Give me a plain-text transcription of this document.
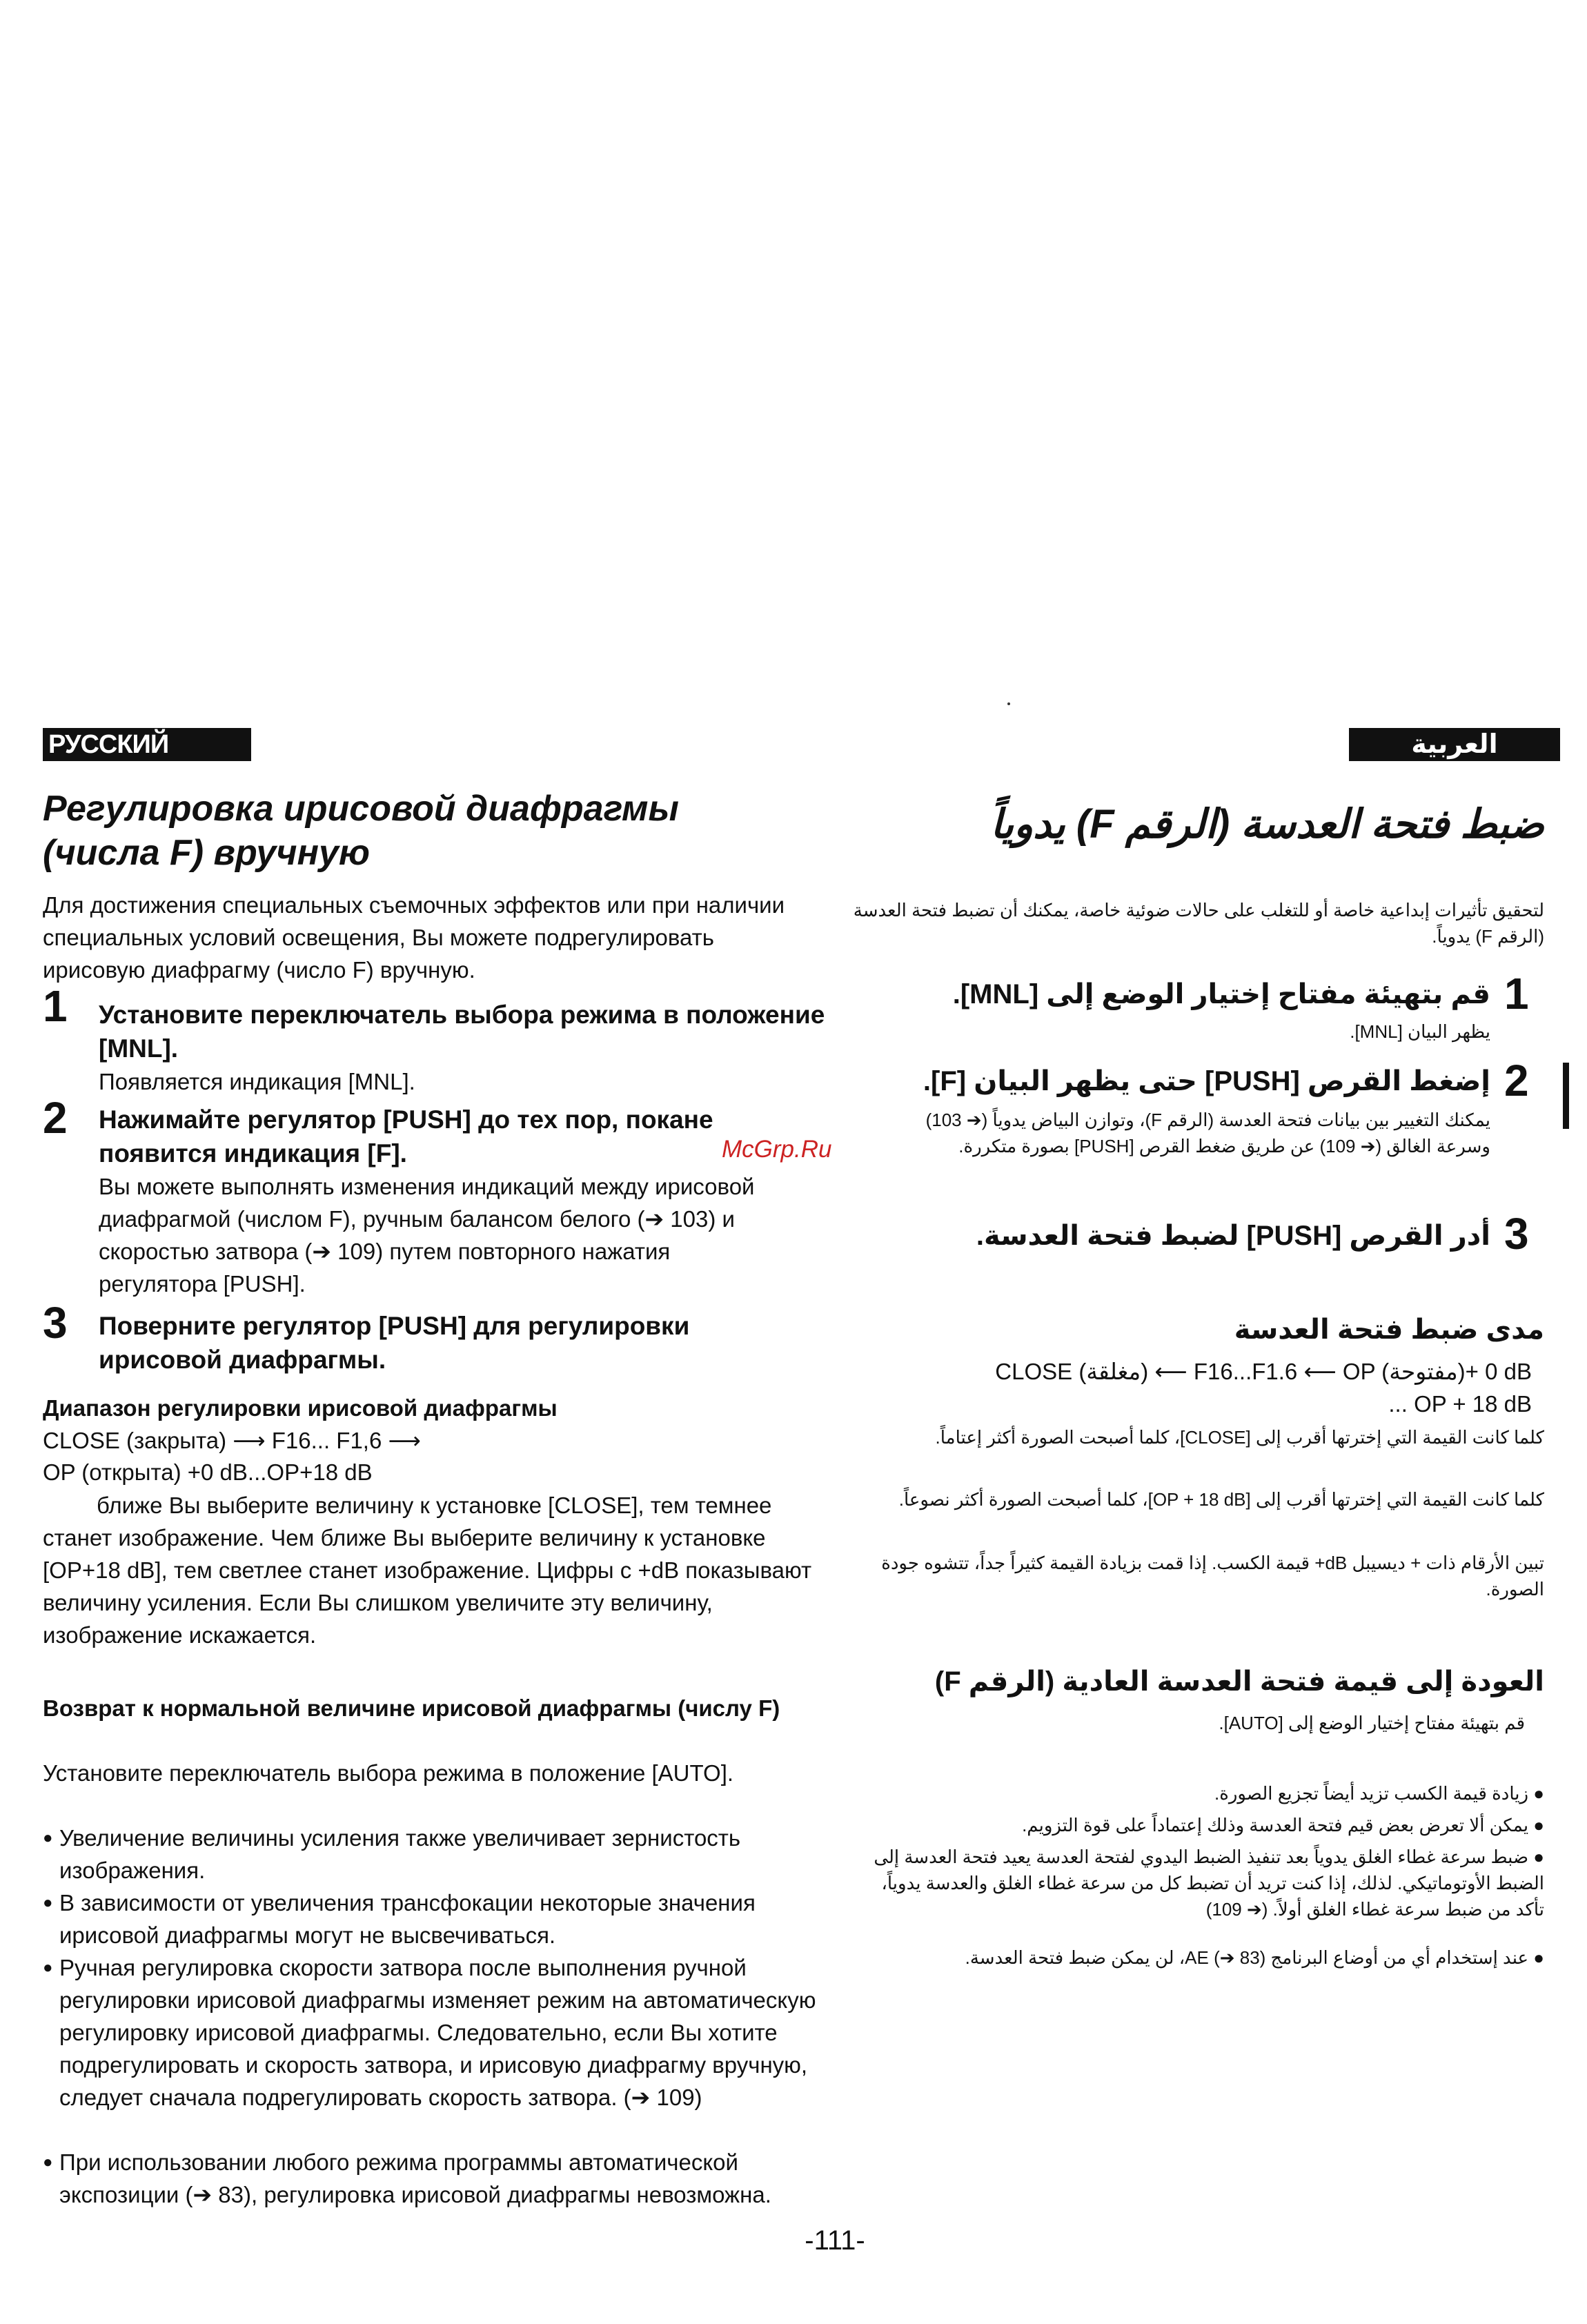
РУССКИЙ ЯЗЫК
Регулировка ирисовой диафрагмы
(числа F) вручную
Для достижения специальных съемочных эффектов или при наличии специальных условий освещения, Вы можете подрегулировать ирисовую диафрагму (число F) вручную.
1 Установите переключатель выбора режима в положение [MNL].
Появляется индикация [MNL].
2 Нажимайте регулятор [PUSH] до тех пор, покане появится индикация [F].
Вы можете выполнять изменения индикаций между ирисовой диафрагмой (числом F), ручным балансом белого (➔ 103) и скоростью затвора (➔ 109) путем повторного нажатия регулятора [PUSH].
3 Поверните регулятор [PUSH] для регулировки ирисовой диафрагмы.
Диапазон регулировки ирисовой диафрагмы
CLOSE (закрыта) ⟶ F16... F1,6 ⟶
OP (открыта) +0 dB...OP+18 dB
ближе Вы выберите величину к установке [CLOSE], тем темнее станет изображение. Чем ближе Вы выберите величину к установке [OP+18 dB], тем светлее станет изображение. Цифры с +dB показывают величину усиления. Если Вы слишком увеличите эту величину, изображение искажается.
Возврат к нормальной величине ирисовой диафрагмы (числу F)
Установите переключатель выбора режима в положение [AUTO].
● Увеличение величины усиления также увеличивает зернистость изображения.
● В зависимости от увеличения трансфокации некоторые значения ирисовой диафрагмы могут не высвечиваться.
● Ручная регулировка скорости затвора после выполнения ручной регулировки ирисовой диафрагмы изменяет режим на автоматическую регулировку ирисовой диафрагмы. Следовательно, если Вы хотите подрегулировать и скорость затвора, и ирисовую диафрагму вручную, следует сначала подрегулировать скорость затвора. (➔ 109)
● При использовании любого режима программы автоматической экспозиции (➔ 83), регулировка ирисовой диафрагмы невозможна.
McGrp.Ru
العربية
ضبط فتحة العدسة (الرقم F) يدوياً
لتحقيق تأثيرات إبداعية خاصة أو للتغلب على حالات ضوئية خاصة، يمكنك أن تضبط فتحة العدسة (الرقم F) يدوياً.
1
قم بتهيئة مفتاح إختيار الوضع إلى [MNL].
يظهر البيان [MNL].
2
إضغط القرص [PUSH] حتى يظهر البيان [F].
يمكنك التغيير بين بيانات فتحة العدسة (الرقم F)، وتوازن البياض يدوياً (➔ 103) وسرعة الغالق (➔ 109) عن طريق ضغط القرص [PUSH] بصورة متكررة.
3
أدر القرص [PUSH] لضبط فتحة العدسة.
مدى ضبط فتحة العدسة
CLOSE (مغلقة) ⟵ F16...F1.6 ⟵ OP (مفتوحة)+ 0 dB
... OP + 18 dB
كلما كانت القيمة التي إخترتها أقرب إلى [CLOSE]، كلما أصبحت الصورة أكثر إعتاماً.
كلما كانت القيمة التي إخترتها أقرب إلى [OP + 18 dB]، كلما أصبحت الصورة أكثر نصوعاً.
تبين الأرقام ذات + ديسيبل dB+ قيمة الكسب. إذا قمت بزيادة القيمة كثيراً جداً، تتشوه جودة الصورة.
العودة إلى قيمة فتحة العدسة العادية (الرقم F)
قم بتهيئة مفتاح إختيار الوضع إلى [AUTO].
● زيادة قيمة الكسب تزيد أيضاً تجزيع الصورة.
● يمكن ألا تعرض بعض قيم فتحة العدسة وذلك إعتماداً على قوة التزويم.
● ضبط سرعة غطاء الغلق يدوياً بعد تنفيذ الضبط اليدوي لفتحة العدسة يعيد فتحة العدسة إلى الضبط الأوتوماتيكي. لذلك، إذا كنت تريد أن تضبط كل من سرعة غطاء الغلق والعدسة يدوياً، تأكد من ضبط سرعة غطاء الغلق أولاً. (➔ 109)
● عند إستخدام أي من أوضاع البرنامج AE (➔ 83)، لن يمكن ضبط فتحة العدسة.
-111-
